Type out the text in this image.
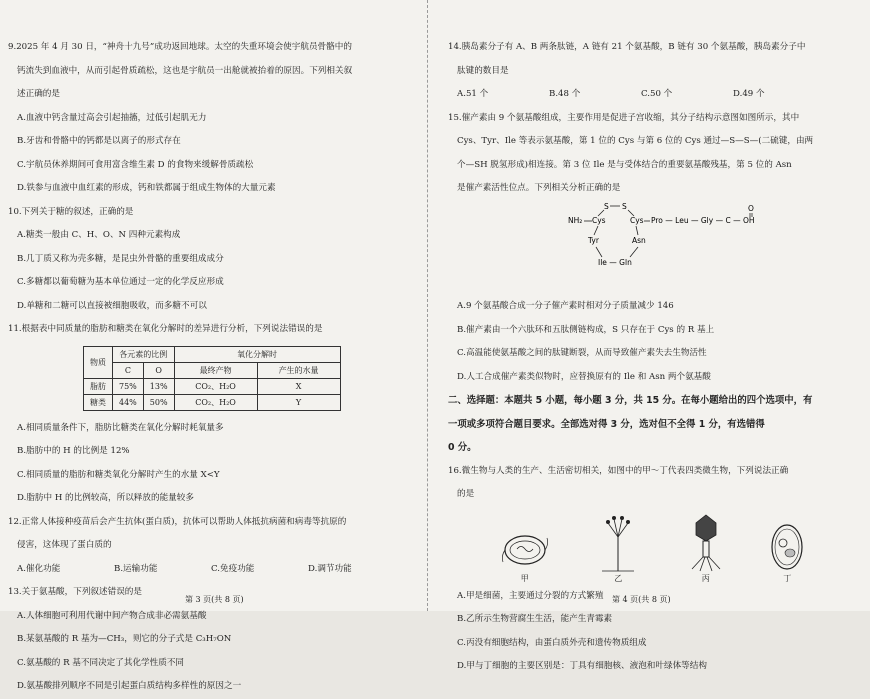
9.2025 年 4 月 30 日，“神舟十九号”成功返回地球。太空的失重环境会使宇航员骨骼中的
钙流失到血液中，从而引起骨质疏松，这也是宇航员一出舱就被抬着的原因。下列相关叙
述正确的是
A.血液中钙含量过高会引起抽搐，过低引起肌无力
B.牙齿和骨骼中的钙都是以离子的形式存在
C.宇航员休养期间可食用富含维生素 D 的食物来缓解骨质疏松
D.铁参与血液中血红素的形成，钙和铁都属于组成生物体的大量元素
10.下列关于糖的叙述，正确的是
A.糖类一般由 C、H、O、N 四种元素构成
B.几丁质又称为壳多糖，是昆虫外骨骼的重要组成成分
C.多糖都以葡萄糖为基本单位通过一定的化学反应形成
D.单糖和二糖可以直接被细胞吸收，而多糖不可以
11.根据表中同质量的脂肪和糖类在氧化分解时的差异进行分析，下列说法错误的是
物质	各元素的比例		氧化分解时	
	C	O	最终产物	产生的水量
脂肪	75%	13%	CO₂、H₂O	X
糖类	44%	50%	CO₂、H₂O	Y
A.相同质量条件下，脂肪比糖类在氧化分解时耗氧量多
B.脂肪中的 H 的比例是 12%
C.相同质量的脂肪和糖类氧化分解时产生的水量 X<Y
D.脂肪中 H 的比例较高，所以释放的能量较多
12.正常人体接种疫苗后会产生抗体(蛋白质)，抗体可以帮助人体抵抗病菌和病毒等抗原的
侵害，这体现了蛋白质的
A.催化功能	B.运输功能	C.免疫功能	D.调节功能
13.关于氨基酸，下列叙述错误的是
A.人体细胞可利用代谢中间产物合成非必需氨基酸
B.某氨基酸的 R 基为—CH₃，则它的分子式是 C₃H₇ON
C.氨基酸的 R 基不同决定了其化学性质不同
D.氨基酸排列顺序不同是引起蛋白质结构多样性的原因之一
第 3 页(共 8 页)
14.胰岛素分子有 A、B 两条肽链，A 链有 21 个氨基酸，B 链有 30 个氨基酸，胰岛素分子中
肽键的数目是
A.51 个	B.48 个	C.50 个	D.49 个
15.催产素由 9 个氨基酸组成，主要作用是促进子宫收缩，其分子结构示意图如图所示，其中
Cys、Tyr、Ile 等表示氨基酸，第 1 位的 Cys 与第 6 位的 Cys 通过—S—S—(二硫键，由两
个—SH 脱氢形成)相连接。第 3 位 Ile 是与受体结合的重要氨基酸残基，第 5 位的 Asn
是催产素活性位点。下列相关分析正确的是
NH₂
S S
Cys	Cys Pro — Leu — Gly — C — OH
O
Tyr	Asn
Ile — Gln
A.9 个氨基酸合成一分子催产素时相对分子质量减少 146
B.催产素由一个六肽环和五肽侧链构成，S 只存在于 Cys 的 R 基上
C.高温能使氨基酸之间的肽键断裂，从而导致催产素失去生物活性
D.人工合成催产素类似物时，应替换原有的 Ile 和 Asn 两个氨基酸
二、选择题：本题共 5 小题，每小题 3 分，共 15 分。在每小题给出的四个选项中，有
一项或多项符合题目要求。全部选对得 3 分，选对但不全得 1 分，有选错得
0 分。
16.微生物与人类的生产、生活密切相关，如图中的甲～丁代表四类微生物，下列说法正确
的是
甲	乙	丙	丁
A.甲是细菌，主要通过分裂的方式繁殖
B.乙所示生物营腐生生活，能产生青霉素
C.丙没有细胞结构，由蛋白质外壳和遗传物质组成
D.甲与丁细胞的主要区别是：丁具有细胞核、液泡和叶绿体等结构
第 4 页(共 8 页)
